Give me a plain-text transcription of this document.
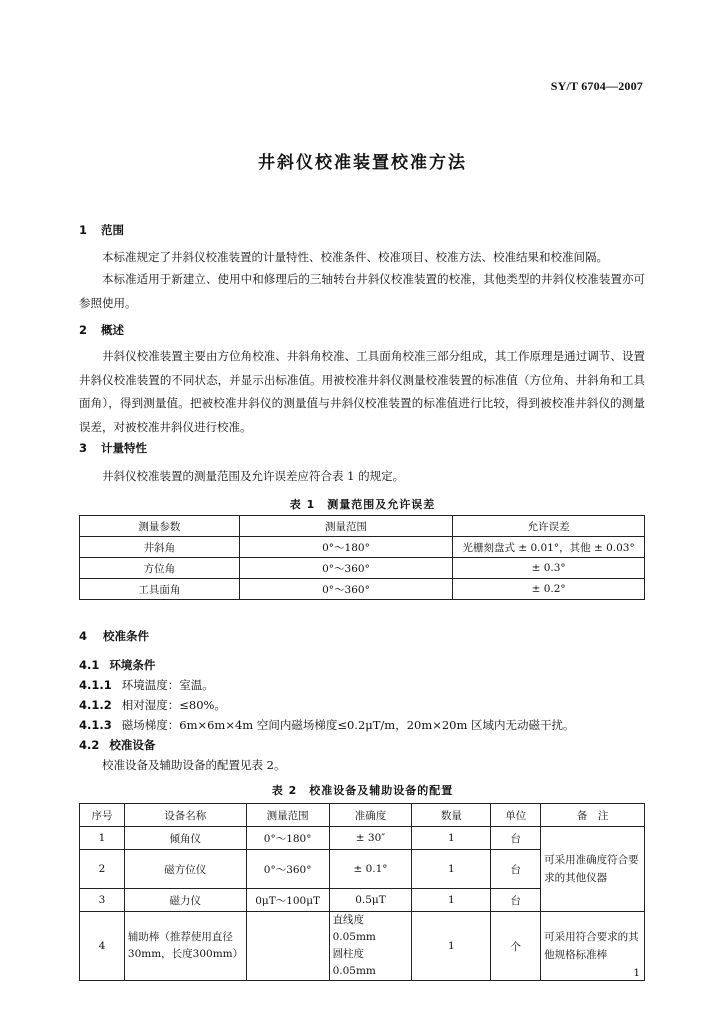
SY/T 6704—2007
井斜仪校准装置校准方法
1 范围
本标准规定了井斜仪校准装置的计量特性、校准条件、校准项目、校准方法、校准结果和校准间隔。
本标准适用于新建立、使用中和修理后的三轴转台井斜仪校准装置的校准，其他类型的井斜仪校准装置亦可参照使用。
2 概述
井斜仪校准装置主要由方位角校准、井斜角校准、工具面角校准三部分组成，其工作原理是通过调节、设置井斜仪校准装置的不同状态，并显示出标准值。用被校准井斜仪测量校准装置的标准值（方位角、井斜角和工具面角），得到测量值。把被校准井斜仪的测量值与井斜仪校准装置的标准值进行比较，得到被校准井斜仪的测量误差，对被校准井斜仪进行校准。
3 计量特性
井斜仪校准装置的测量范围及允许误差应符合表 1 的规定。
表 1　测量范围及允许误差
测量参数	测量范围	允许误差
井斜角	0°～180°	光栅刻盘式 ± 0.01°，其他 ± 0.03°
方位角	0°～360°	± 0.3°
工具面角	0°～360°	± 0.2°
4 校准条件
4.1 环境条件
4.1.1 环境温度：室温。
4.1.2 相对湿度：≤80%。
4.1.3 磁场梯度：6m×6m×4m 空间内磁场梯度≤0.2μT/m，20m×20m 区域内无动磁干扰。
4.2 校准设备
校准设备及辅助设备的配置见表 2。
表 2　校准设备及辅助设备的配置
序号	设备名称	测量范围	准确度	数量	单位	备　注
1	倾角仪	0°～180°	± 30″	1	台	可采用准确度符合要求的其他仪器
2	磁方位仪	0°～360°	± 0.1°	1	台	
3	磁力仪	0μT～100μT	0.5μT	1	台	
4	辅助棒（推荐使用直径30mm，长度300mm）		直线度 0.05mm
圆柱度 0.05mm	1	个	可采用符合要求的其他规格标准棒
1
